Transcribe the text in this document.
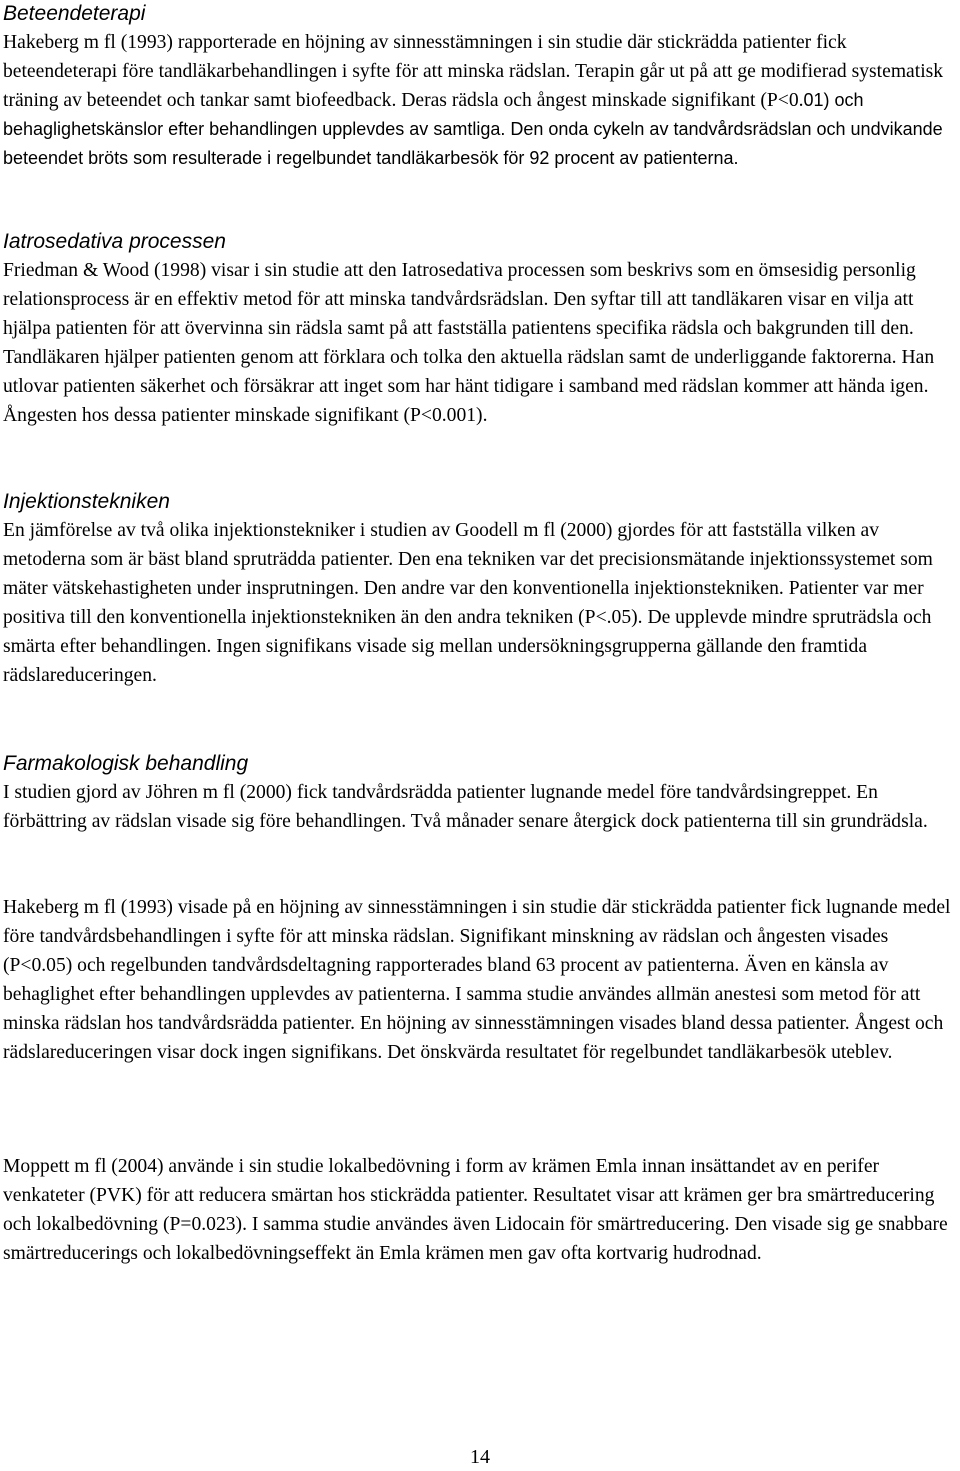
Beteendeterapi

Hakeberg m fl (1993) rapporterade en höjning av sinnesstämningen i sin studie där stickrädda patienter fick beteendeterapi före tandläkarbehandlingen i syfte för att minska rädslan. Terapin går ut på att ge modifierad systematisk träning av beteendet och tankar samt biofeedback. Deras rädsla och ångest minskade signifikant (P<0.01) och behaglighetskänslor efter behandlingen upplevdes av samtliga. Den onda cykeln av tandvårdsrädslan och undvikande beteendet bröts som resulterade i regelbundet tandläkarbesök för 92 procent av patienterna.

Iatrosedativa processen

Friedman & Wood (1998) visar i sin studie att den Iatrosedativa processen som beskrivs som en ömsesidig personlig relationsprocess är en effektiv metod för att minska tandvårdsrädslan. Den syftar till att tandläkaren visar en vilja att hjälpa patienten för att övervinna sin rädsla samt på att fastställa patientens specifika rädsla och bakgrunden till den. Tandläkaren hjälper patienten genom att förklara och tolka den aktuella rädslan samt de underliggande faktorerna. Han utlovar patienten säkerhet och försäkrar att inget som har hänt tidigare i samband med rädslan kommer att hända igen. Ångesten hos dessa patienter minskade signifikant (P<0.001).

Injektionstekniken

En jämförelse av två olika injektionstekniker i studien av Goodell m fl (2000) gjordes för att fastställa vilken av metoderna som är bäst bland spruträdda patienter. Den ena tekniken var det precisionsmätande injektionssystemet som mäter vätskehastigheten under insprutningen. Den andre var den konventionella injektionstekniken. Patienter var mer positiva till den konventionella injektionstekniken än den andra tekniken (P<.05). De upplevde mindre spruträdsla och smärta efter behandlingen. Ingen signifikans visade sig mellan undersökningsgrupperna gällande den framtida rädslareduceringen.

Farmakologisk behandling

I studien gjord av Jöhren m fl (2000) fick tandvårdsrädda patienter lugnande medel före tandvårdsingreppet. En förbättring av rädslan visade sig före behandlingen. Två månader senare återgick dock patienterna till sin grundrädsla.

Hakeberg m fl (1993) visade på en höjning av sinnesstämningen i sin studie där stickrädda patienter fick lugnande medel före tandvårdsbehandlingen i syfte för att minska rädslan. Signifikant minskning av rädslan och ångesten visades (P<0.05) och regelbunden tandvårdsdeltagning rapporterades bland 63 procent av patienterna. Även en känsla av behaglighet efter behandlingen upplevdes av patienterna. I samma studie användes allmän anestesi som metod för att minska rädslan hos tandvårdsrädda patienter. En höjning av sinnesstämningen visades bland dessa patienter. Ångest och rädslareduceringen visar dock ingen signifikans. Det önskvärda resultatet för regelbundet tandläkarbesök uteblev.

Moppett m fl (2004) använde i sin studie lokalbedövning i form av krämen Emla innan insättandet av en perifer venkateter (PVK) för att reducera smärtan hos stickrädda patienter. Resultatet visar att krämen ger bra smärtreducering och lokalbedövning (P=0.023). I samma studie användes även Lidocain för smärtreducering. Den visade sig ge snabbare smärtreducerings och lokalbedövningseffekt än Emla krämen men gav ofta kortvarig hudrodnad.

14
